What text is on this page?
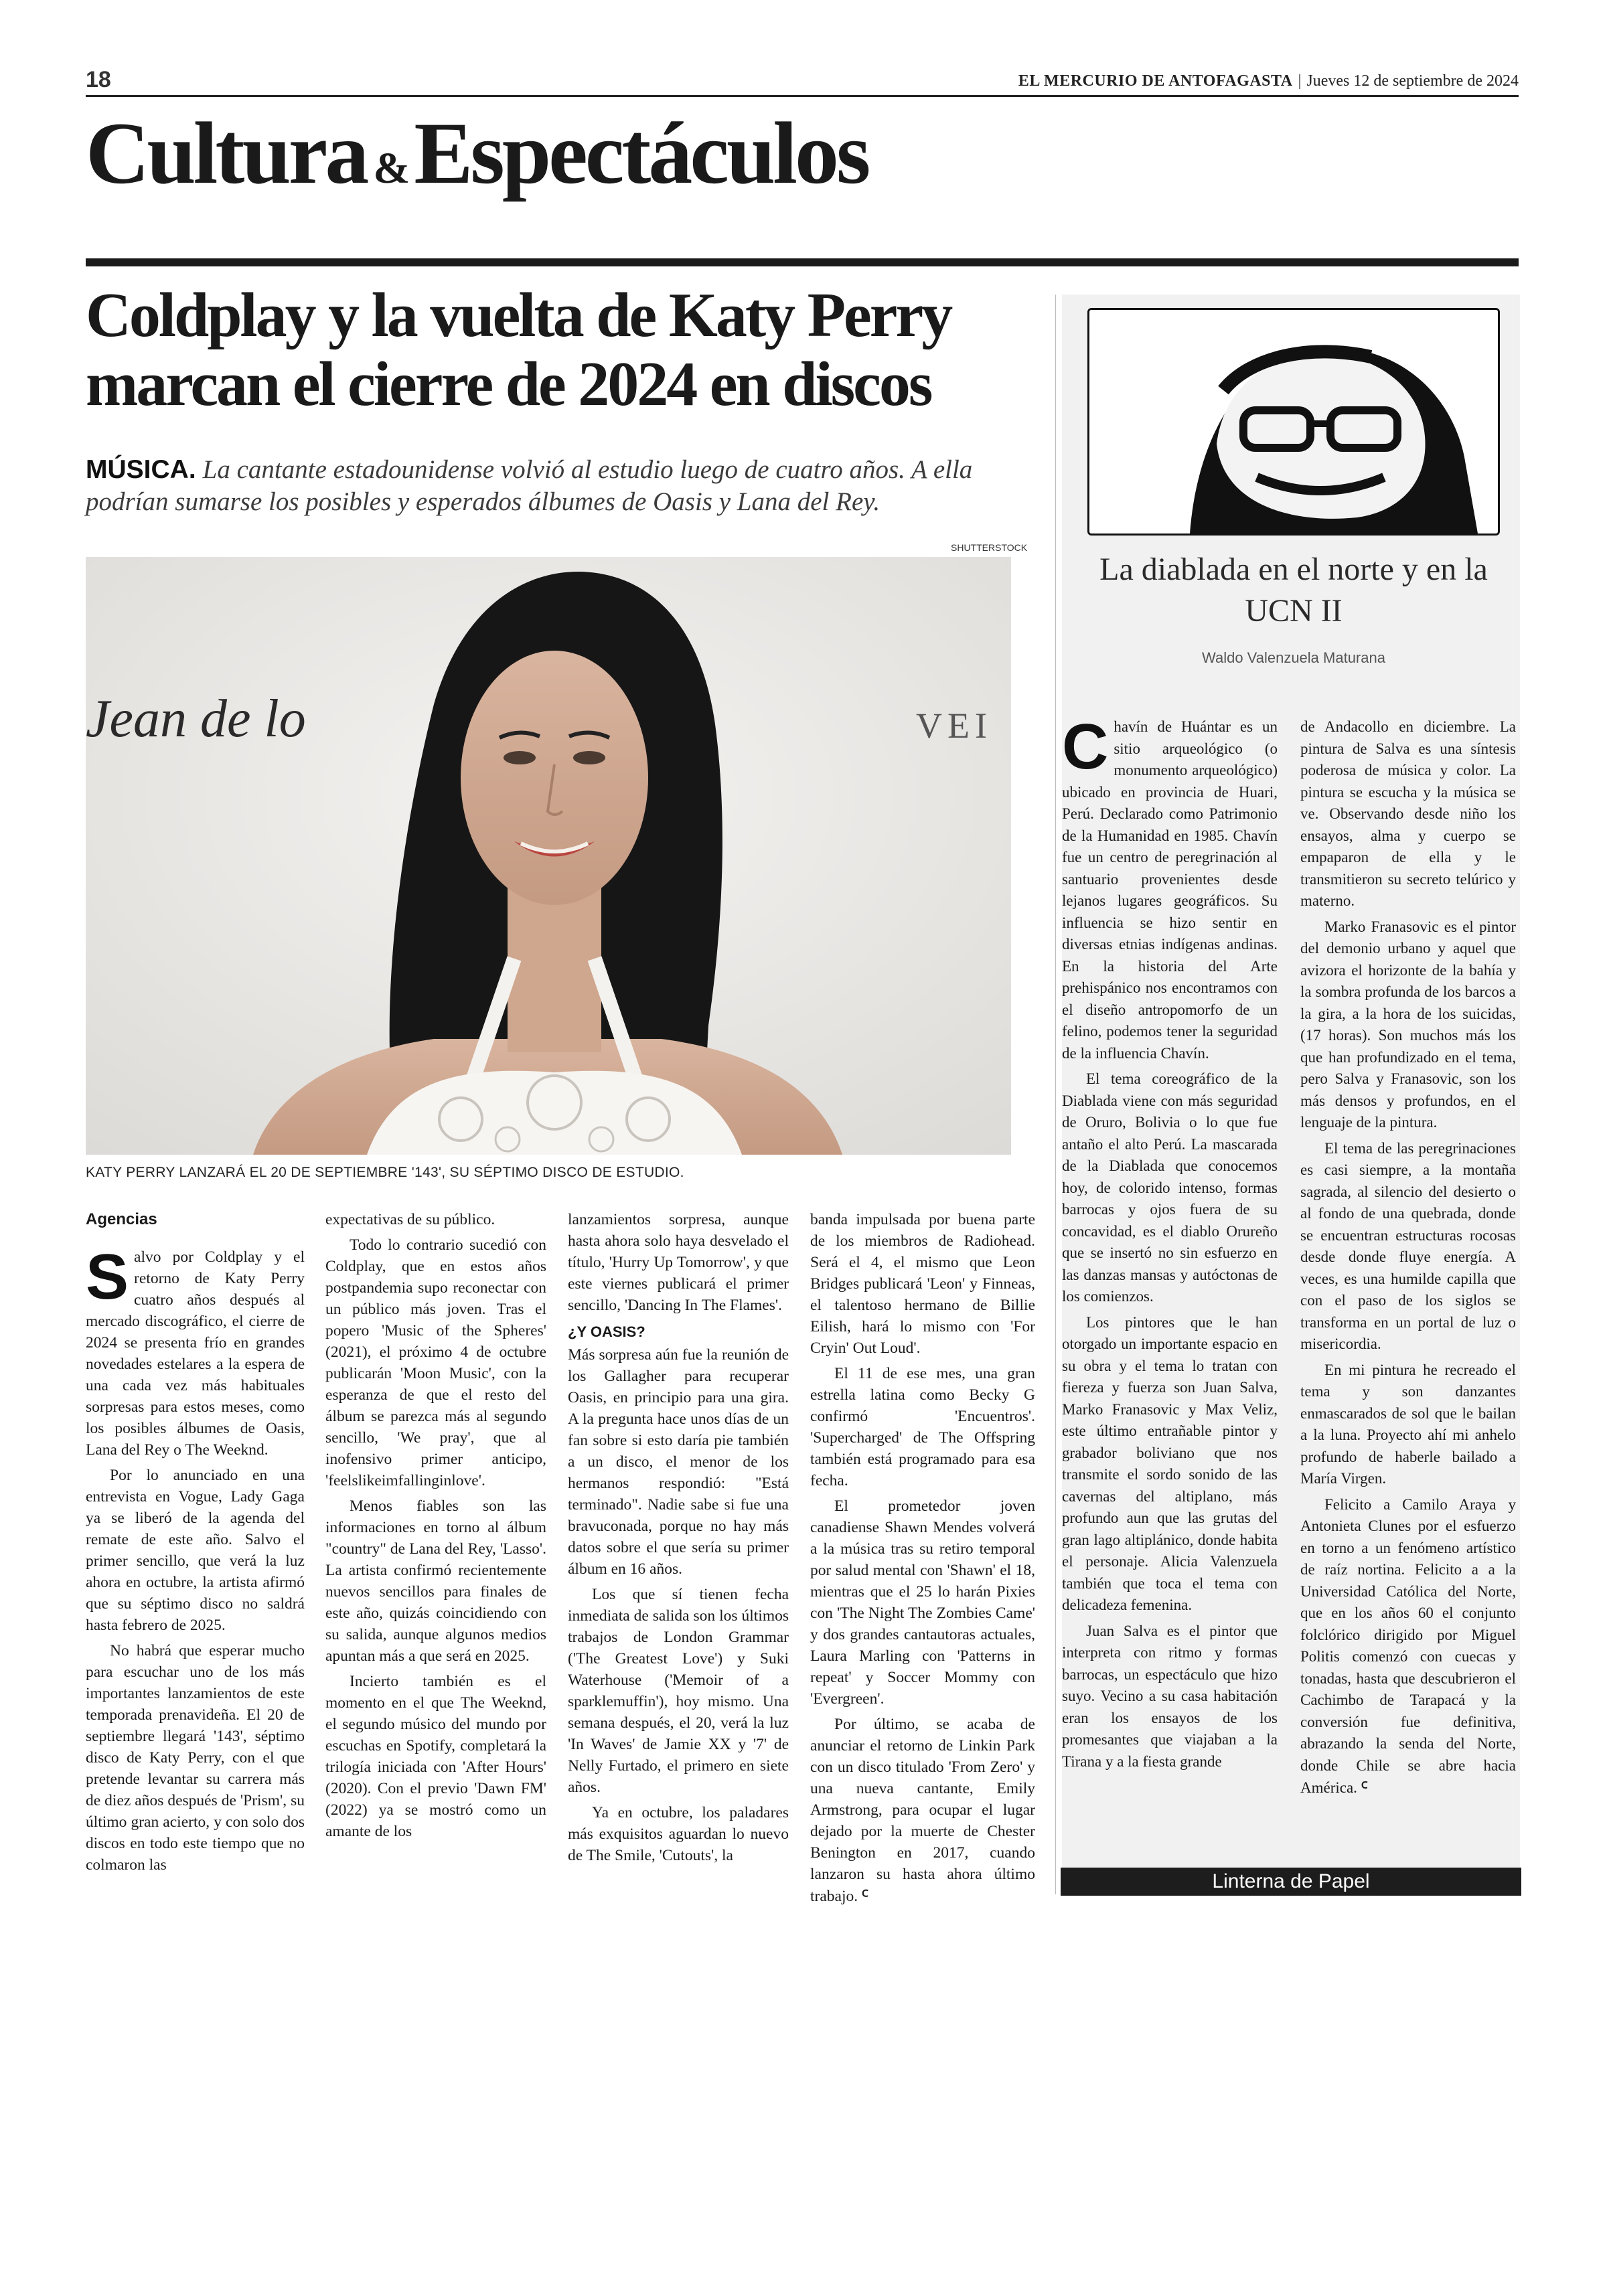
18	EL MERCURIO DE ANTOFAGASTA | Jueves 12 de septiembre de 2024
Cultura &Espectáculos
Coldplay y la vuelta de Katy Perry
marcan el cierre de 2024 en discos
MÚSICA. La cantante estadounidense volvió al estudio luego de cuatro años. A ella podrían sumarse los posibles y esperados álbumes de Oasis y Lana del Rey.
SHUTTERSTOCK
Jean de lo	VEI
KATY PERRY LANZARÁ EL 20 DE SEPTIEMBRE '143', SU SÉPTIMO DISCO DE ESTUDIO.
Agencias

Salvo por Coldplay y el retorno de Katy Perry cuatro años después al mercado discográfico, el cierre de 2024 se presenta frío en grandes novedades estelares a la espera de una cada vez más habituales sorpresas para estos meses, como los posibles álbumes de Oasis, Lana del Rey o The Weeknd.

Por lo anunciado en una entrevista en Vogue, Lady Gaga ya se liberó de la agenda del remate de este año. Salvo el primer sencillo, que verá la luz ahora en octubre, la artista afirmó que su séptimo disco no saldrá hasta febrero de 2025.

No habrá que esperar mucho para escuchar uno de los más importantes lanzamientos de este temporada prenavideña. El 20 de septiembre llegará '143', séptimo disco de Katy Perry, con el que pretende levantar su carrera más de diez años después de 'Prism', su último gran acierto, y con solo dos discos en todo este tiempo que no colmaron las

expectativas de su público.

Todo lo contrario sucedió con Coldplay, que en estos años postpandemia supo reconectar con un público más joven. Tras el popero 'Music of the Spheres' (2021), el próximo 4 de octubre publicarán 'Moon Music', con la esperanza de que el resto del álbum se parezca más al segundo sencillo, 'We pray', que al inofensivo primer anticipo, 'feelslikeimfallinginlove'.

Menos fiables son las informaciones en torno al álbum "country" de Lana del Rey, 'Lasso'. La artista confirmó recientemente nuevos sencillos para finales de este año, quizás coincidiendo con su salida, aunque algunos medios apuntan más a que será en 2025.

Incierto también es el momento en el que The Weeknd, el segundo músico del mundo por escuchas en Spotify, completará la trilogía iniciada con 'After Hours' (2020). Con el previo 'Dawn FM' (2022) ya se mostró como un amante de los

lanzamientos sorpresa, aunque hasta ahora solo haya desvelado el título, 'Hurry Up Tomorrow', y que este viernes publicará el primer sencillo, 'Dancing In The Flames'.

¿Y OASIS?

Más sorpresa aún fue la reunión de los Gallagher para recuperar Oasis, en principio para una gira. A la pregunta hace unos días de un fan sobre si esto daría pie también a un disco, el menor de los hermanos respondió: "Está terminado". Nadie sabe si fue una bravuconada, porque no hay más datos sobre el que sería su primer álbum en 16 años.

Los que sí tienen fecha inmediata de salida son los últimos trabajos de London Grammar ('The Greatest Love') y Suki Waterhouse ('Memoir of a sparklemuffin'), hoy mismo. Una semana después, el 20, verá la luz 'In Waves' de Jamie XX y '7' de Nelly Furtado, el primero en siete años.

Ya en octubre, los paladares más exquisitos aguardan lo nuevo de The Smile, 'Cutouts', la

banda impulsada por buena parte de los miembros de Radiohead. Será el 4, el mismo que Leon Bridges publicará 'Leon' y Finneas, el talentoso hermano de Billie Eilish, hará lo mismo con 'For Cryin' Out Loud'.

El 11 de ese mes, una gran estrella latina como Becky G confirmó 'Encuentros'. 'Supercharged' de The Offspring también está programado para esa fecha.

El prometedor joven canadiense Shawn Mendes volverá a la música tras su retiro temporal por salud mental con 'Shawn' el 18, mientras que el 25 lo harán Pixies con 'The Night The Zombies Came' y dos grandes cantautoras actuales, Laura Marling con 'Patterns in repeat' y Soccer Mommy con 'Evergreen'.

Por último, se acaba de anunciar el retorno de Linkin Park con un disco titulado 'From Zero' y una nueva cantante, Emily Armstrong, para ocupar el lugar dejado por la muerte de Chester Benington en 2017, cuando lanzaron su hasta ahora último trabajo. ꟲ

La diablada en el norte y en la UCN II
Waldo Valenzuela Maturana

Chavín de Huántar es un sitio arqueológico (o monumento arqueológico) ubicado en provincia de Huari, Perú. Declarado como Patrimonio de la Humanidad en 1985. Chavín fue un centro de peregrinación al santuario provenientes desde lejanos lugares geográficos. Su influencia se hizo sentir en diversas etnias indígenas andinas. En la historia del Arte prehispánico nos encontramos con el diseño antropomorfo de un felino, podemos tener la seguridad de la influencia Chavín.

El tema coreográfico de la Diablada viene con más seguridad de Oruro, Bolivia o lo que fue antaño el alto Perú. La mascarada de la Diablada que conocemos hoy, de colorido intenso, formas barrocas y ojos fuera de su concavidad, es el diablo Orureño que se insertó no sin esfuerzo en las danzas mansas y autóctonas de los comienzos.

Los pintores que le han otorgado un importante espacio en su obra y el tema lo tratan con fiereza y fuerza son Juan Salva, Marko Franasovic y Max Veliz, este último entrañable pintor y grabador boliviano que nos transmite el sordo sonido de las cavernas del altiplano, más profundo aun que las grutas del gran lago altiplánico, donde habita el personaje. Alicia Valenzuela también que toca el tema con delicadeza femenina.

Juan Salva es el pintor que interpreta con ritmo y formas barrocas, un espectáculo que hizo suyo. Vecino a su casa habitación eran los ensayos de los promesantes que viajaban a la Tirana y a la fiesta grande

de Andacollo en diciembre. La pintura de Salva es una síntesis poderosa de música y color. La pintura se escucha y la música se ve. Observando desde niño los ensayos, alma y cuerpo se empaparon de ella y le transmitieron su secreto telúrico y materno.

Marko Franasovic es el pintor del demonio urbano y aquel que avizora el horizonte de la bahía y la sombra profunda de los barcos a la gira, a la hora de los suicidas, (17 horas). Son muchos más los que han profundizado en el tema, pero Salva y Franasovic, son los más densos y profundos, en el lenguaje de la pintura.

El tema de las peregrinaciones es casi siempre, a la montaña sagrada, al silencio del desierto o al fondo de una quebrada, donde se encuentran estructuras rocosas desde donde fluye energía. A veces, es una humilde capilla que con el paso de los siglos se transforma en un portal de luz o misericordia.

En mi pintura he recreado el tema y son danzantes enmascarados de sol que le bailan a la luna. Proyecto ahí mi anhelo profundo de haberle bailado a María Virgen.

Felicito a Camilo Araya y Antonieta Clunes por el esfuerzo en torno a un fenómeno artístico de raíz nortina. Felicito a a la Universidad Católica del Norte, que en los años 60 el conjunto folclórico dirigido por Miguel Politis comenzó con cuecas y tonadas, hasta que descubrieron el Cachimbo de Tarapacá y la conversión fue definitiva, abrazando la senda del Norte, donde Chile se abre hacia América. ꟲ

Linterna de Papel
